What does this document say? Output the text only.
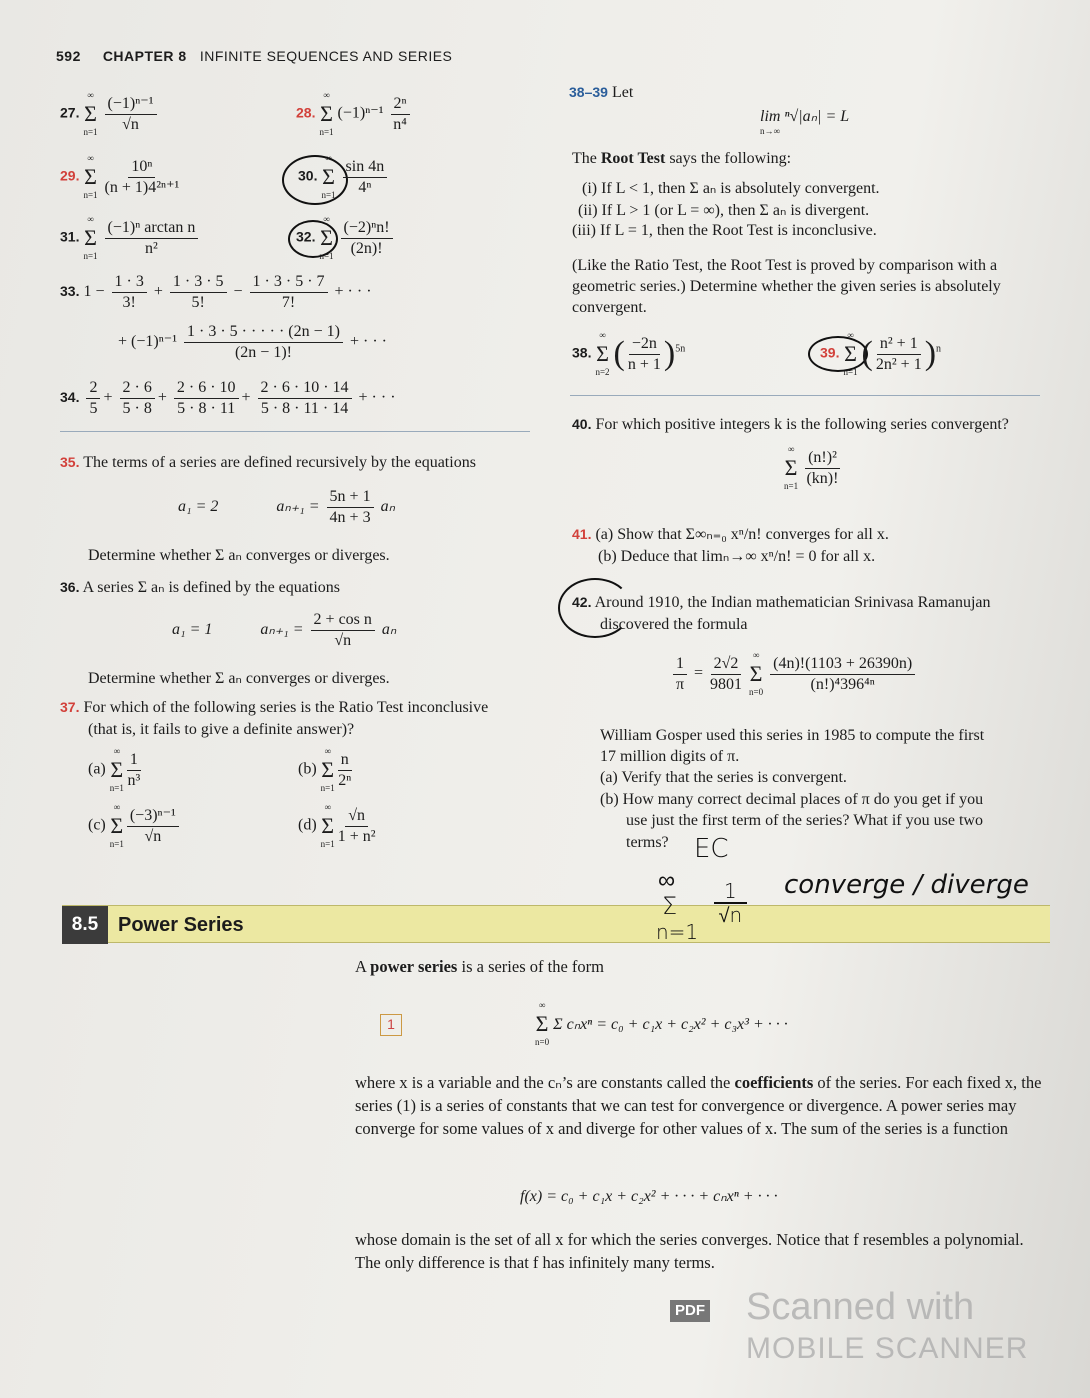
592 CHAPTER 8 INFINITE SEQUENCES AND SERIES
27.
∞
Σ
n=1
$\frac{\text{(−1)ⁿ⁻¹}}{√n}$	28.
∞
Σ
n=1
$(-1)^{n-1} \frac{\text{2ⁿ}}{\text{n⁴}}$
29.
∞
Σ
n=1
$\frac{\text{10ⁿ}}{\text{(n + 1)4²ⁿ⁺¹}}$	30.
∞
Σ
n=1
$\frac{\sin 4n}{\text{4ⁿ}}$
31.
∞
Σ
n=1
$\frac{\text{(−1)ⁿ arctan n}}{\text{n²}}$	32.
∞
Σ
n=1
$\frac{\text{(−2)ⁿn!}}{(2n)!}$
33. $1 - \frac{1 \cdot 3}{3!} + \frac{1 \cdot 3 \cdot 5}{5!} - \frac{1 \cdot 3 \cdot 5 \cdot 7}{7!}$ + · · ·
+ $(-1)^{n-1} \frac{1 \cdot 3 \cdot 5 \cdot \cdot \cdot \cdot \cdot (2n - 1)}{(2n - 1)!}$ + · · ·
34. $\frac{2}{5} + \frac{2 \cdot 6}{5 \cdot 8} + \frac{2 \cdot 6 \cdot 10}{5 \cdot 8 \cdot 11} + \frac{2 \cdot 6 \cdot 10 \cdot 14}{5 \cdot 8 \cdot 11 \cdot 14}$ + · · ·
35. The terms of a series are defined recursively by the equations
a₁ = 2	$a_{n+1} = \frac{5n + 1}{4n + 3}$ aₙ
Determine whether Σ aₙ converges or diverges.
36. A series Σ aₙ is defined by the equations
a₁ = 1	$a_{n+1} = \frac{\text{2 + cos n}}{√n}$ aₙ
Determine whether Σ aₙ converges or diverges.
37. For which of the following series is the Ratio Test inconclusive
(that is, it fails to give a definite answer)?
(a)
∞
Σ
$n=1 \frac{1}{\text{n³}}$	(b)
∞
Σ
$n=1 \frac{n}{\text{2ⁿ}}$
(c)
∞
Σ
$n=1 \frac{\text{(−3)ⁿ⁻¹}}{√n}$	(d)
∞
Σ
$n=1 \frac{√n}{\text{1 + n²}}$
38–39 Let
lim ⁿ√|aₙ| = L
n→∞
The Root Test says the following:
(i) If L < 1, then Σ aₙ is absolutely convergent.
(ii) If L > 1 (or L = ∞), then Σ aₙ is divergent.
(iii) If L = 1, then the Root Test is inconclusive.
(Like the Ratio Test, the Root Test is proved by comparison with a
geometric series.) Determine whether the given series is absolutely
convergent.
38.
∞
Σ
n=2 ( $\frac{-2n}{n + 1} )^{5n}$	39.
∞
Σ
n=1 ( $\frac{\text{n² + 1}}{\text{2n² + 1}} )^n$
40. For which positive integers k is the following series convergent?
∞
Σ
n=1
$\frac{\text{(n!)²}}{(kn)!}$
41. (a) Show that Σ∞ₙ₌₀ xⁿ/n! converges for all x.
(b) Deduce that limₙ→∞ xⁿ/n! = 0 for all x.
42. Around 1910, the Indian mathematician Srinivasa Ramanujan
discovered the formula
$\frac{1}{\pi} = \frac{2√2}{9801}$
∞
Σ
n=0
$\frac{(4n)!(1103 + 26390n)}{\text{(n!)⁴396⁴ⁿ}}$
William Gosper used this series in 1985 to compute the first
17 million digits of π.
(a) Verify that the series is convergent.
(b) How many correct decimal places of π do you get if you
use just the first term of the series? What if you use two
terms? EC
∞
Σ
n=1
1
√n
converge / diverge
8.5 Power Series
A power series is a series of the form
1
∞
Σ
n=0
Σ cₙxⁿ = c₀ + c₁x + c₂x² + c₃x³ + · · ·
where x is a variable and the cₙ’s are constants called the coefficients of the series. For each fixed x, the series (1) is a series of constants that we can test for convergence or divergence. A power series may converge for some values of x and diverge for other values of x. The sum of the series is a function
f(x) = c₀ + c₁x + c₂x² + · · · + cₙxⁿ + · · ·
whose domain is the set of all x for which the series converges. Notice that f resembles a polynomial. The only difference is that f has infinitely many terms.
PDF Scanned with
MOBILE SCANNER
